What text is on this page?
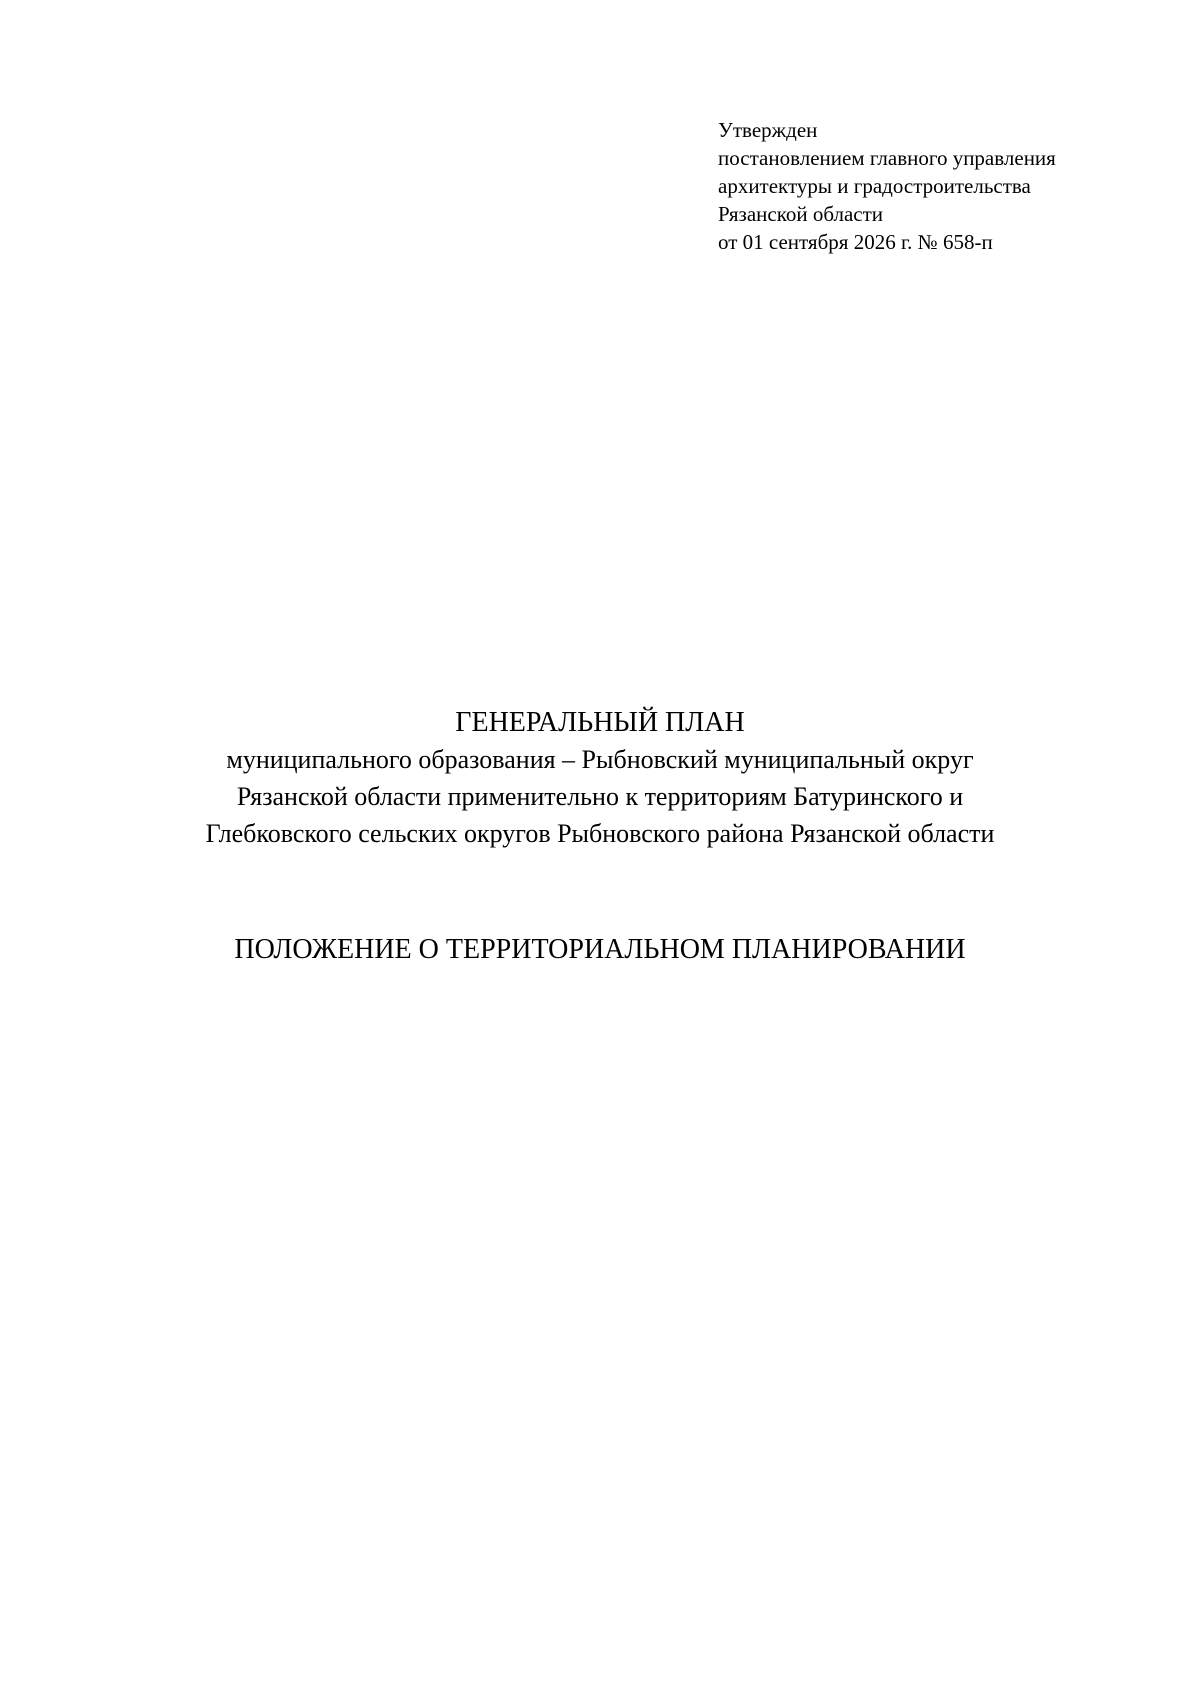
Утвержден
постановлением главного управления
архитектуры и градостроительства
Рязанской области
от 01 сентября 2026 г. № 658-п
ГЕНЕРАЛЬНЫЙ ПЛАН
муниципального образования – Рыбновский муниципальный округ
Рязанской области применительно к территориям Батуринского и
Глебковского сельских округов Рыбновского района Рязанской области
ПОЛОЖЕНИЕ О ТЕРРИТОРИАЛЬНОМ ПЛАНИРОВАНИИ
